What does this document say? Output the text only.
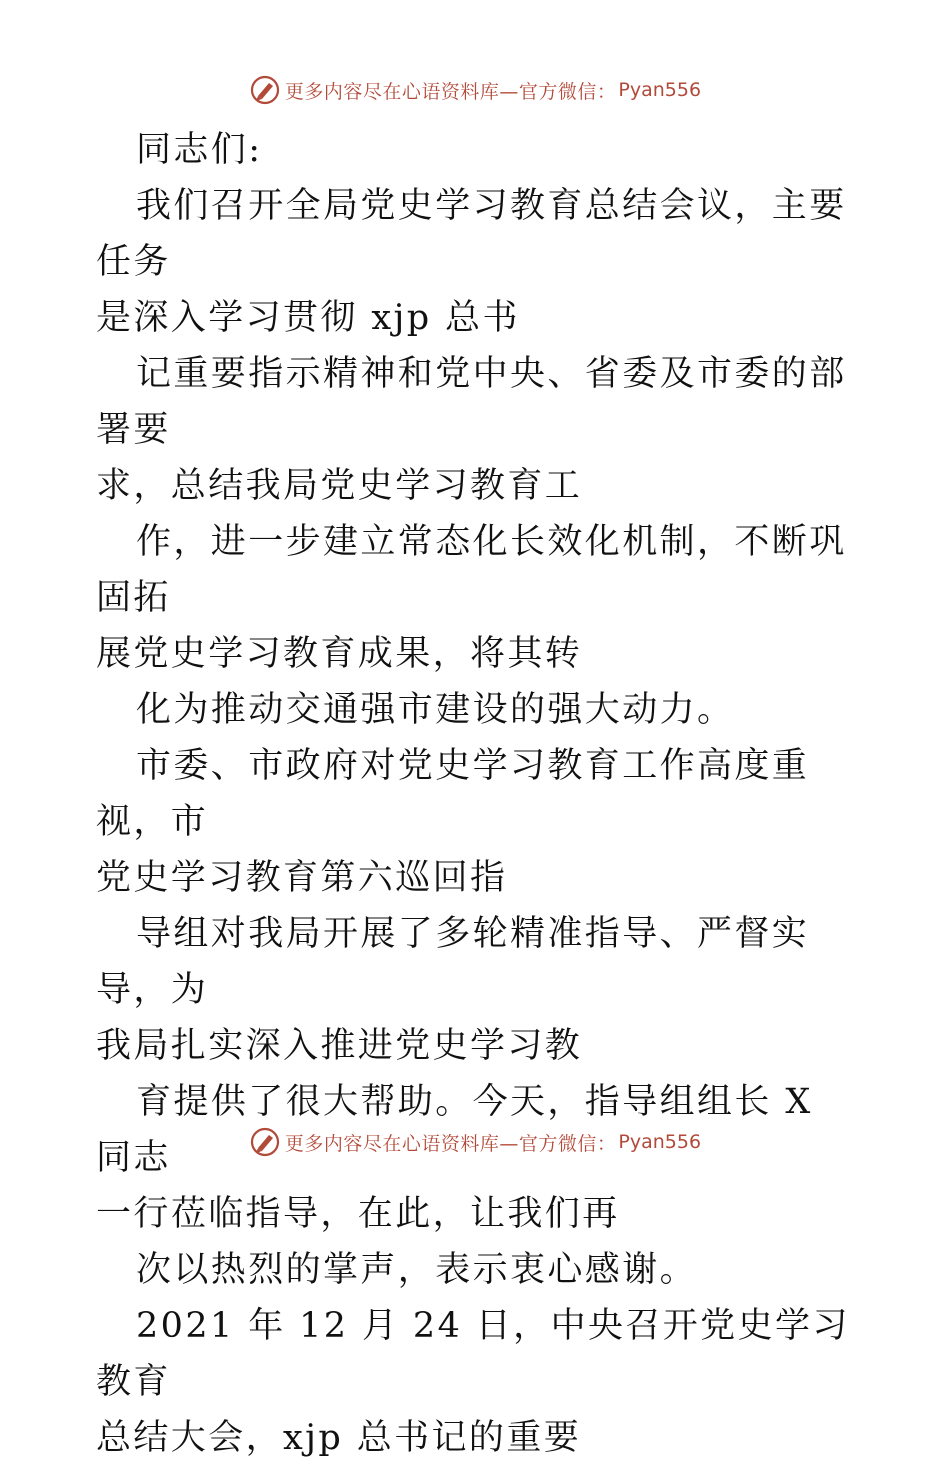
更多内容尽在心语资料库—官方微信： Pyan556

同志们:

我们召开全局党史学习教育总结会议，主要任务
是深入学习贯彻 xjp 总书

记重要指示精神和党中央、省委及市委的部署要
求，总结我局党史学习教育工

作，进一步建立常态化长效化机制，不断巩固拓
展党史学习教育成果，将其转

化为推动交通强市建设的强大动力。

市委、市政府对党史学习教育工作高度重视，市
党史学习教育第六巡回指

导组对我局开展了多轮精准指导、严督实导，为
我局扎实深入推进党史学习教

育提供了很大帮助。今天，指导组组长 X 同志
一行莅临指导，在此，让我们再

次以热烈的掌声，表示衷心感谢。

2021 年 12 月 24 日，中央召开党史学习教育
总结大会，xjp 总书记的重要

更多内容尽在心语资料库—官方微信： Pyan556
